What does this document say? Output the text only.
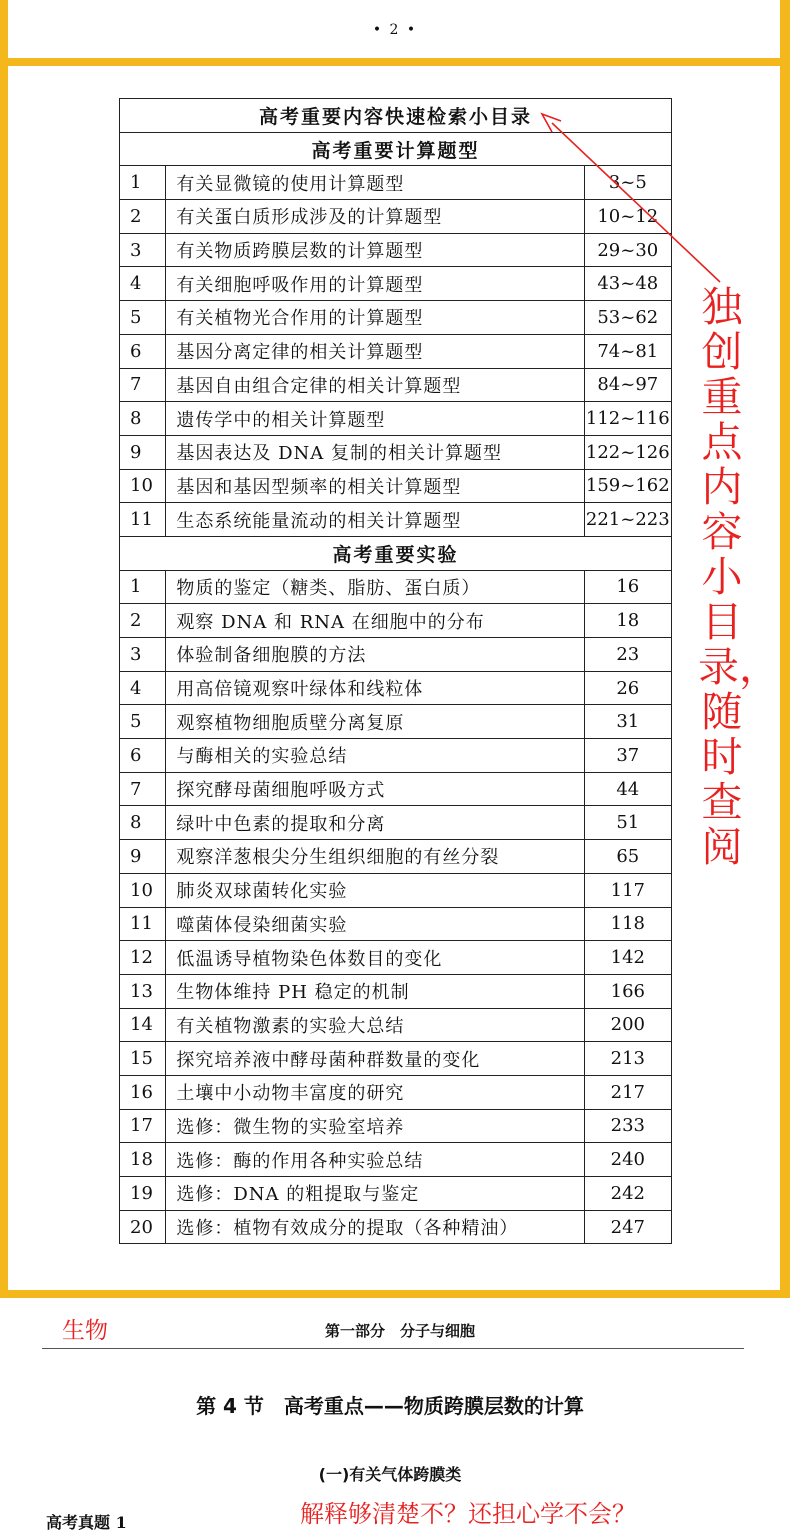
• 2 •
高考重要内容快速检索小目录		
高考重要计算题型		
1	有关显微镜的使用计算题型	3~5
2	有关蛋白质形成涉及的计算题型	10~12
3	有关物质跨膜层数的计算题型	29~30
4	有关细胞呼吸作用的计算题型	43~48
5	有关植物光合作用的计算题型	53~62
6	基因分离定律的相关计算题型	74~81
7	基因自由组合定律的相关计算题型	84~97
8	遗传学中的相关计算题型	112~116
9	基因表达及 DNA 复制的相关计算题型	122~126
10	基因和基因型频率的相关计算题型	159~162
11	生态系统能量流动的相关计算题型	221~223
高考重要实验		
1	物质的鉴定（糖类、脂肪、蛋白质）	16
2	观察 DNA 和 RNA 在细胞中的分布	18
3	体验制备细胞膜的方法	23
4	用高倍镜观察叶绿体和线粒体	26
5	观察植物细胞质壁分离复原	31
6	与酶相关的实验总结	37
7	探究酵母菌细胞呼吸方式	44
8	绿叶中色素的提取和分离	51
9	观察洋葱根尖分生组织细胞的有丝分裂	65
10	肺炎双球菌转化实验	117
11	噬菌体侵染细菌实验	118
12	低温诱导植物染色体数目的变化	142
13	生物体维持 PH 稳定的机制	166
14	有关植物激素的实验大总结	200
15	探究培养液中酵母菌种群数量的变化	213
16	土壤中小动物丰富度的研究	217
17	选修：微生物的实验室培养	233
18	选修：酶的作用各种实验总结	240
19	选修：DNA 的粗提取与鉴定	242
20	选修：植物有效成分的提取（各种精油）	247
独创重点内容小目录，随时查阅
生物	第一部分　分子与细胞
第 4 节　高考重点——物质跨膜层数的计算
(一)有关气体跨膜类
高考真题 1	解释够清楚不？还担心学不会？
